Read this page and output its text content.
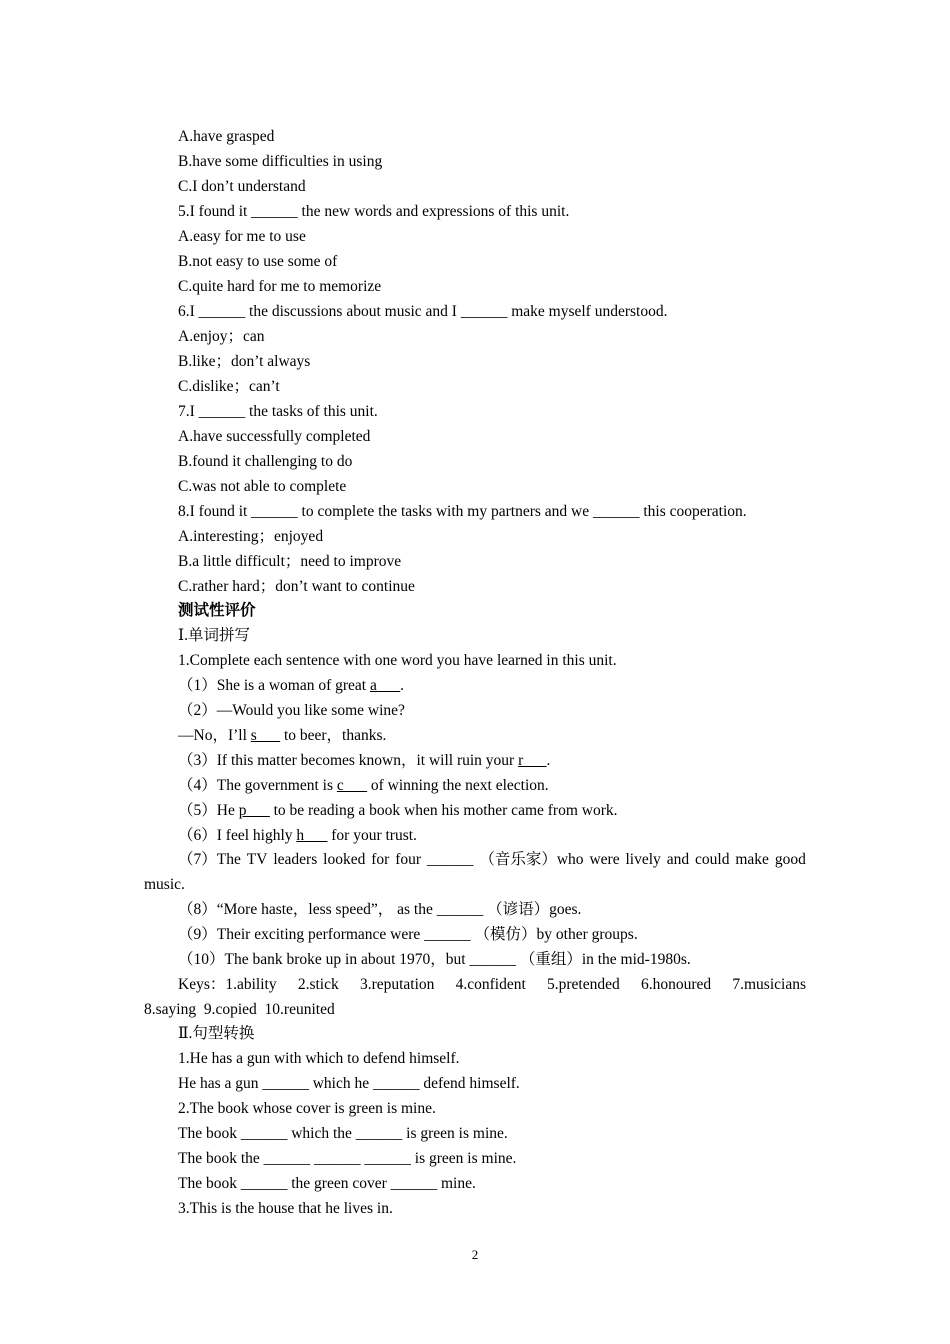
A.have grasped
B.have some difficulties in using
C.I don’t understand
5.I found it ______ the new words and expressions of this unit.
A.easy for me to use
B.not easy to use some of
C.quite hard for me to memorize
6.I ______ the discussions about music and I ______ make myself understood.
A.enjoy；can
B.like；don’t always
C.dislike；can’t
7.I ______ the tasks of this unit.
A.have successfully completed
B.found it challenging to do
C.was not able to complete
8.I found it ______ to complete the tasks with my partners and we ______ this cooperation.
A.interesting；enjoyed
B.a little difficult；need to improve
C.rather hard；don’t want to continue
测试性评价
Ⅰ.单词拼写
1.Complete each sentence with one word you have learned in this unit.
（1）She is a woman of great a___.
（2）—Would you like some wine?
—No，I’ll s___ to beer，thanks.
（3）If this matter becomes known，it will ruin your r___.
（4）The government is c___ of winning the next election.
（5）He p___ to be reading a book when his mother came from work.
（6）I feel highly h___ for your trust.
（7）The TV leaders looked for four ______ （音乐家）who were lively and could make good
music.
（8）“More haste，less speed”， as the ______ （谚语）goes.
（9）Their exciting performance were ______ （模仿）by other groups.
（10）The bank broke up in about 1970，but ______ （重组）in the mid-1980s.
Keys：1.ability 2.stick 3.reputation 4.confident 5.pretended 6.honoured 7.musicians
8.saying  9.copied  10.reunited
Ⅱ.句型转换
1.He has a gun with which to defend himself.
He has a gun ______ which he ______ defend himself.
2.The book whose cover is green is mine.
The book ______ which the ______ is green is mine.
The book the ______ ______ ______ is green is mine.
The book ______ the green cover ______ mine.
3.This is the house that he lives in.
2
